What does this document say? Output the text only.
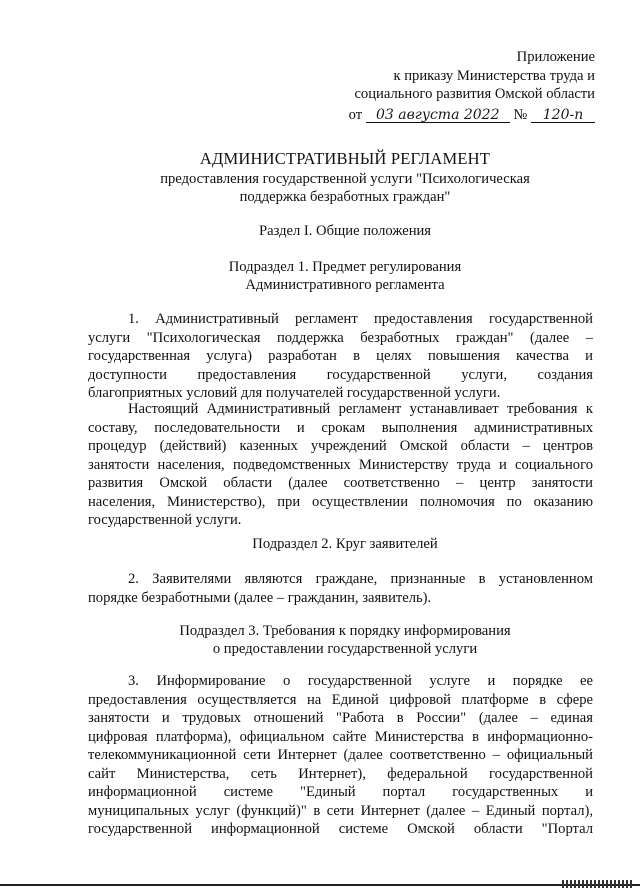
Приложение
к приказу Министерства труда и
социального развития Омской области
от 03 августа 2022 № 120-п
АДМИНИСТРАТИВНЫЙ РЕГЛАМЕНТ
предоставления государственной услуги "Психологическая
поддержка безработных граждан"
Раздел I. Общие положения
Подраздел 1. Предмет регулирования
Административного регламента
1. Административный регламент предоставления государственной
услуги "Психологическая поддержка безработных граждан" (далее –
государственная услуга) разработан в целях повышения качества и
доступности предоставления государственной услуги, создания
благоприятных условий для получателей государственной услуги.
Настоящий Административный регламент устанавливает требования к
составу, последовательности и срокам выполнения административных
процедур (действий) казенных учреждений Омской области – центров
занятости населения, подведомственных Министерству труда и социального
развития Омской области (далее соответственно – центр занятости
населения, Министерство), при осуществлении полномочия по оказанию
государственной услуги.
Подраздел 2. Круг заявителей
2. Заявителями являются граждане, признанные в установленном
порядке безработными (далее – гражданин, заявитель).
Подраздел 3. Требования к порядку информирования
о предоставлении государственной услуги
3. Информирование о государственной услуге и порядке ее
предоставления осуществляется на Единой цифровой платформе в сфере
занятости и трудовых отношений "Работа в России" (далее – единая
цифровая платформа), официальном сайте Министерства в информационно-
телекоммуникационной сети Интернет (далее соответственно – официальный
сайт Министерства, сеть Интернет), федеральной государственной
информационной системе "Единый портал государственных и
муниципальных услуг (функций)" в сети Интернет (далее – Единый портал),
государственной информационной системе Омской области "Портал
